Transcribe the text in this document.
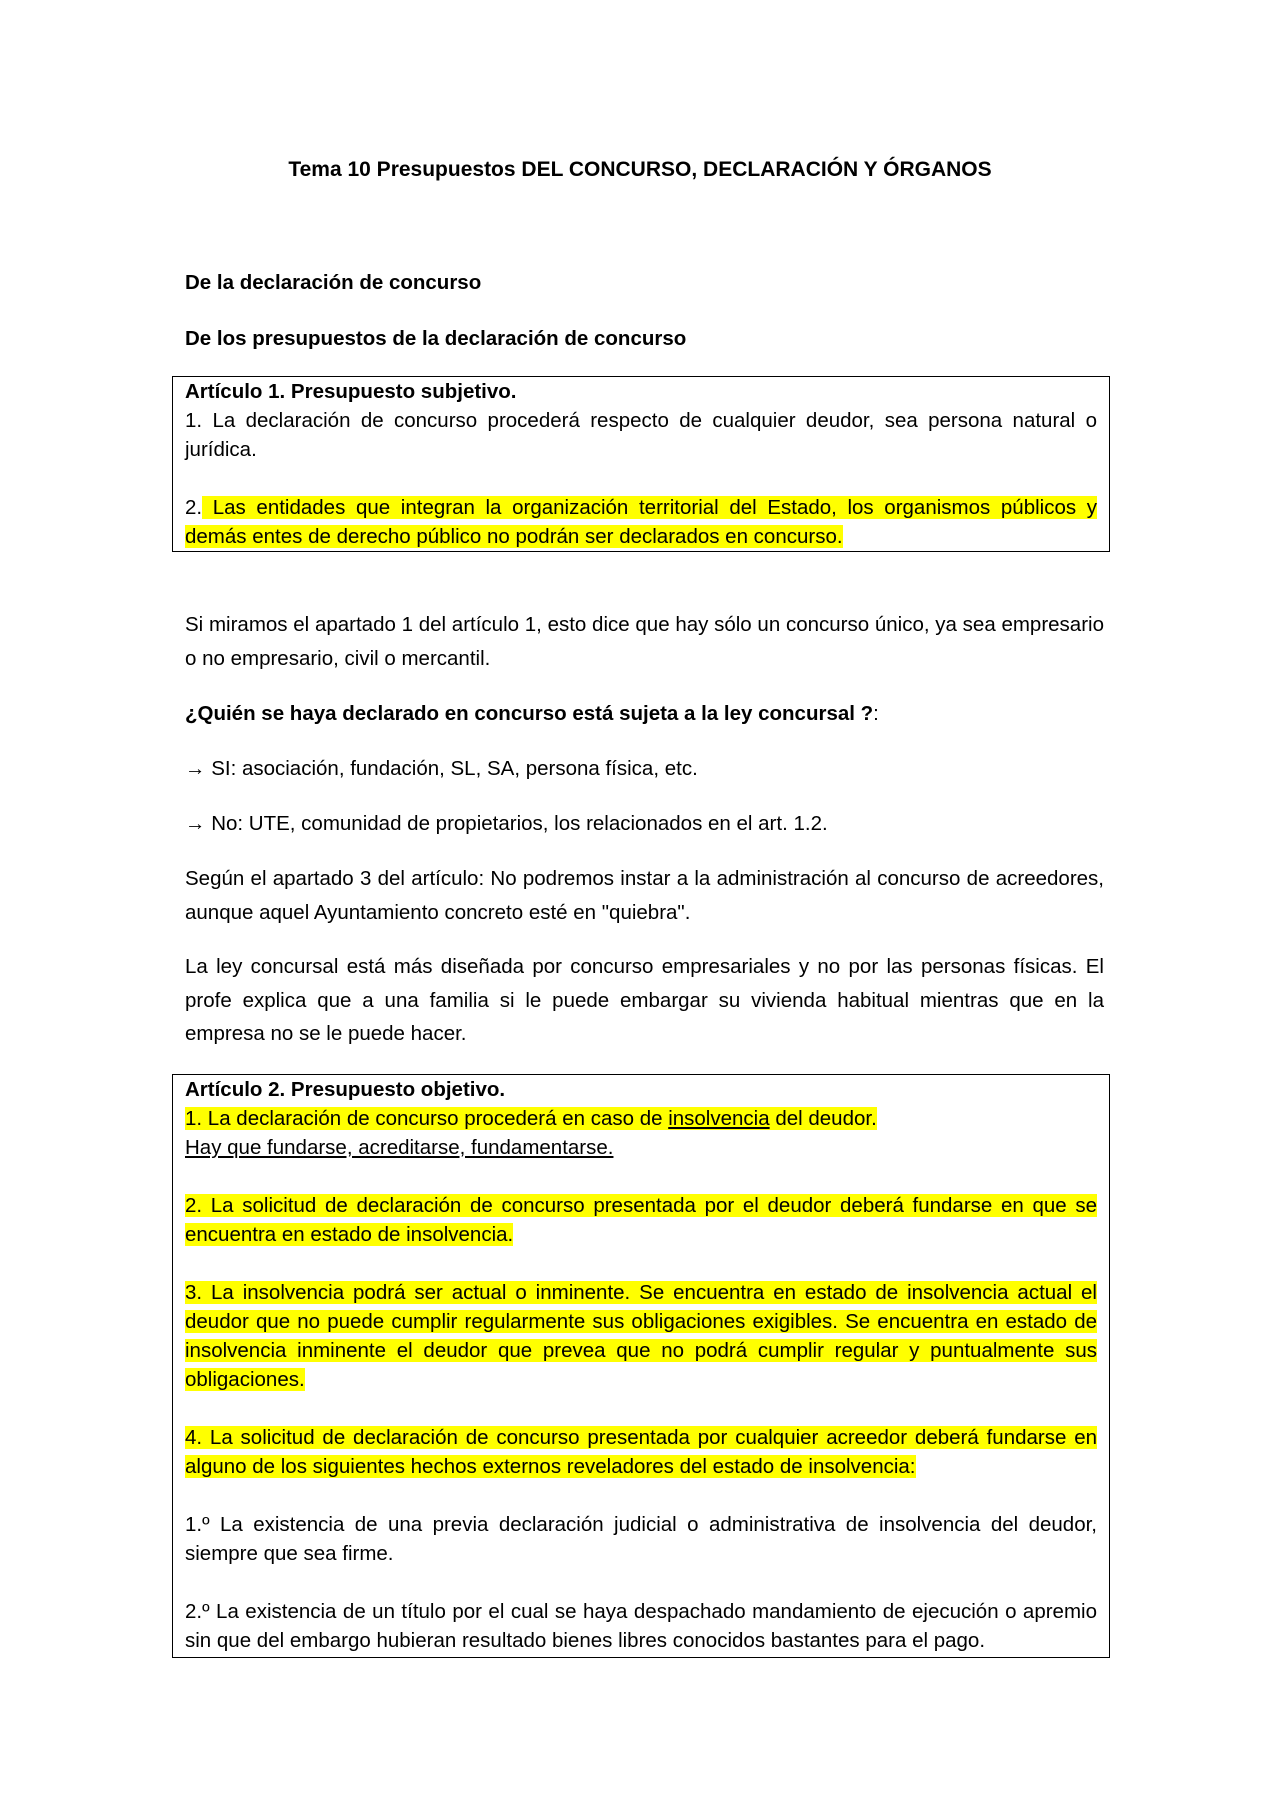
Tema 10 Presupuestos DEL CONCURSO, DECLARACIÓN Y ÓRGANOS
De la declaración de concurso
De los presupuestos de la declaración de concurso

Artículo 1. Presupuesto subjetivo.

1. La declaración de concurso procederá respecto de cualquier deudor, sea persona natural o jurídica.

2. Las entidades que integran la organización territorial del Estado, los organismos públicos y demás entes de derecho público no podrán ser declarados en concurso.

Si miramos el apartado 1 del artículo 1, esto dice que hay sólo un concurso único, ya sea empresario o no empresario, civil o mercantil.

¿Quién se haya declarado en concurso está sujeta a la ley concursal ?:

→ SI: asociación, fundación, SL, SA, persona física, etc.

→ No: UTE, comunidad de propietarios, los relacionados en el art. 1.2.

Según el apartado 3 del artículo: No podremos instar a la administración al concurso de acreedores, aunque aquel Ayuntamiento concreto esté en "quiebra".

La ley concursal está más diseñada por concurso empresariales y no por las personas físicas. El profe explica que a una familia si le puede embargar su vivienda habitual mientras que en la empresa no se le puede hacer.

Artículo 2. Presupuesto objetivo.

1. La declaración de concurso procederá en caso de insolvencia del deudor.

Hay que fundarse, acreditarse, fundamentarse.

2. La solicitud de declaración de concurso presentada por el deudor deberá fundarse en que se encuentra en estado de insolvencia.

3. La insolvencia podrá ser actual o inminente. Se encuentra en estado de insolvencia actual el deudor que no puede cumplir regularmente sus obligaciones exigibles. Se encuentra en estado de insolvencia inminente el deudor que prevea que no podrá cumplir regular y puntualmente sus obligaciones.

4. La solicitud de declaración de concurso presentada por cualquier acreedor deberá fundarse en alguno de los siguientes hechos externos reveladores del estado de insolvencia:

1.º La existencia de una previa declaración judicial o administrativa de insolvencia del deudor, siempre que sea firme.

2.º La existencia de un título por el cual se haya despachado mandamiento de ejecución o apremio sin que del embargo hubieran resultado bienes libres conocidos bastantes para el pago.
